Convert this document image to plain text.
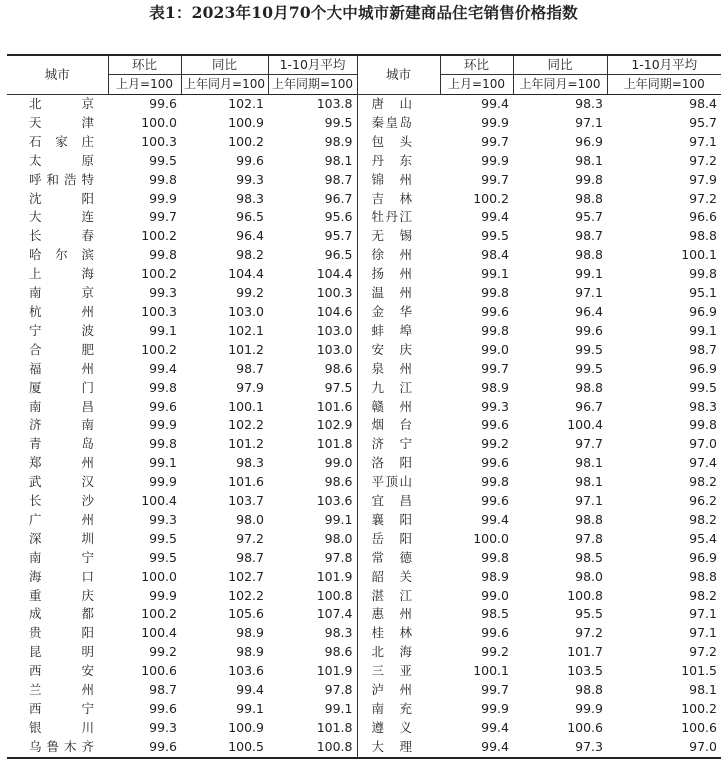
表1：2023年10月70个大中城市新建商品住宅销售价格指数
城市	环比	同比	1-10月平均	城市	环比	同比	1-10月平均
	上月=100	上年同月=100	上年同期=100		上月=100	上年同月=100	上年同期=100
北京	99.6	102.1	103.8	唐山	99.4	98.3	98.4
天津	100.0	100.9	99.5	秦皇岛	99.9	97.1	95.7
石家庄	100.3	100.2	98.9	包头	99.7	96.9	97.1
太原	99.5	99.6	98.1	丹东	99.9	98.1	97.2
呼和浩特	99.8	99.3	98.7	锦州	99.7	99.8	97.9
沈阳	99.9	98.3	96.7	吉林	100.2	98.8	97.2
大连	99.7	96.5	95.6	牡丹江	99.4	95.7	96.6
长春	100.2	96.4	95.7	无锡	99.5	98.7	98.8
哈尔滨	99.8	98.2	96.5	徐州	98.4	98.8	100.1
上海	100.2	104.4	104.4	扬州	99.1	99.1	99.8
南京	99.3	99.2	100.3	温州	99.8	97.1	95.1
杭州	100.3	103.0	104.6	金华	99.6	96.4	96.9
宁波	99.1	102.1	103.0	蚌埠	99.8	99.6	99.1
合肥	100.2	101.2	103.0	安庆	99.0	99.5	98.7
福州	99.4	98.7	98.6	泉州	99.7	99.5	96.9
厦门	99.8	97.9	97.5	九江	98.9	98.8	99.5
南昌	99.6	100.1	101.6	赣州	99.3	96.7	98.3
济南	99.9	102.2	102.9	烟台	99.6	100.4	99.8
青岛	99.8	101.2	101.8	济宁	99.2	97.7	97.0
郑州	99.1	98.3	99.0	洛阳	99.6	98.1	97.4
武汉	99.9	101.6	98.6	平顶山	99.8	98.1	98.2
长沙	100.4	103.7	103.6	宜昌	99.6	97.1	96.2
广州	99.3	98.0	99.1	襄阳	99.4	98.8	98.2
深圳	99.5	97.2	98.0	岳阳	100.0	97.8	95.4
南宁	99.5	98.7	97.8	常德	99.8	98.5	96.9
海口	100.0	102.7	101.9	韶关	98.9	98.0	98.8
重庆	99.9	102.2	100.8	湛江	99.0	100.8	98.2
成都	100.2	105.6	107.4	惠州	98.5	95.5	97.1
贵阳	100.4	98.9	98.3	桂林	99.6	97.2	97.1
昆明	99.2	98.9	98.6	北海	99.2	101.7	97.2
西安	100.6	103.6	101.9	三亚	100.1	103.5	101.5
兰州	98.7	99.4	97.8	泸州	99.7	98.8	98.1
西宁	99.6	99.1	99.1	南充	99.9	99.9	100.2
银川	99.3	100.9	101.8	遵义	99.4	100.6	100.6
乌鲁木齐	99.6	100.5	100.8	大理	99.4	97.3	97.0
